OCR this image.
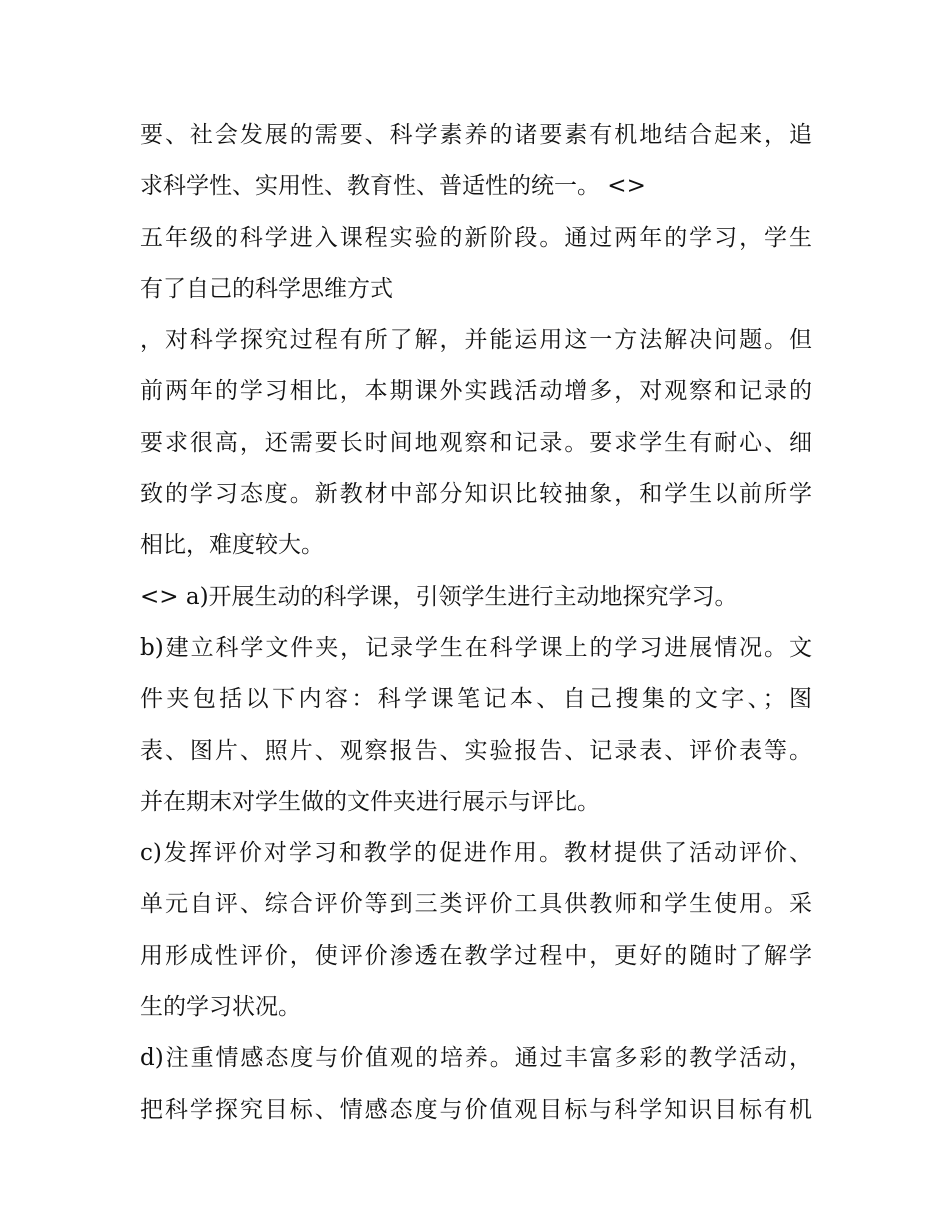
要、社会发展的需要、科学素养的诸要素有机地结合起来，追
求科学性、实用性、教育性、普适性的统一。 <>
五年级的科学进入课程实验的新阶段。通过两年的学习，学生
有了自己的科学思维方式
，对科学探究过程有所了解，并能运用这一方法解决问题。但
前两年的学习相比，本期课外实践活动增多，对观察和记录的
要求很高，还需要长时间地观察和记录。要求学生有耐心、细
致的学习态度。新教材中部分知识比较抽象，和学生以前所学
相比，难度较大。
<> a)开展生动的科学课，引领学生进行主动地探究学习。
b)建立科学文件夹，记录学生在科学课上的学习进展情况。文
件夹包括以下内容：科学课笔记本、自己搜集的文字、；图
表、图片、照片、观察报告、实验报告、记录表、评价表等。
并在期末对学生做的文件夹进行展示与评比。
c)发挥评价对学习和教学的促进作用。教材提供了活动评价、
单元自评、综合评价等到三类评价工具供教师和学生使用。采
用形成性评价，使评价渗透在教学过程中，更好的随时了解学
生的学习状况。
d)注重情感态度与价值观的培养。通过丰富多彩的教学活动，
把科学探究目标、情感态度与价值观目标与科学知识目标有机
